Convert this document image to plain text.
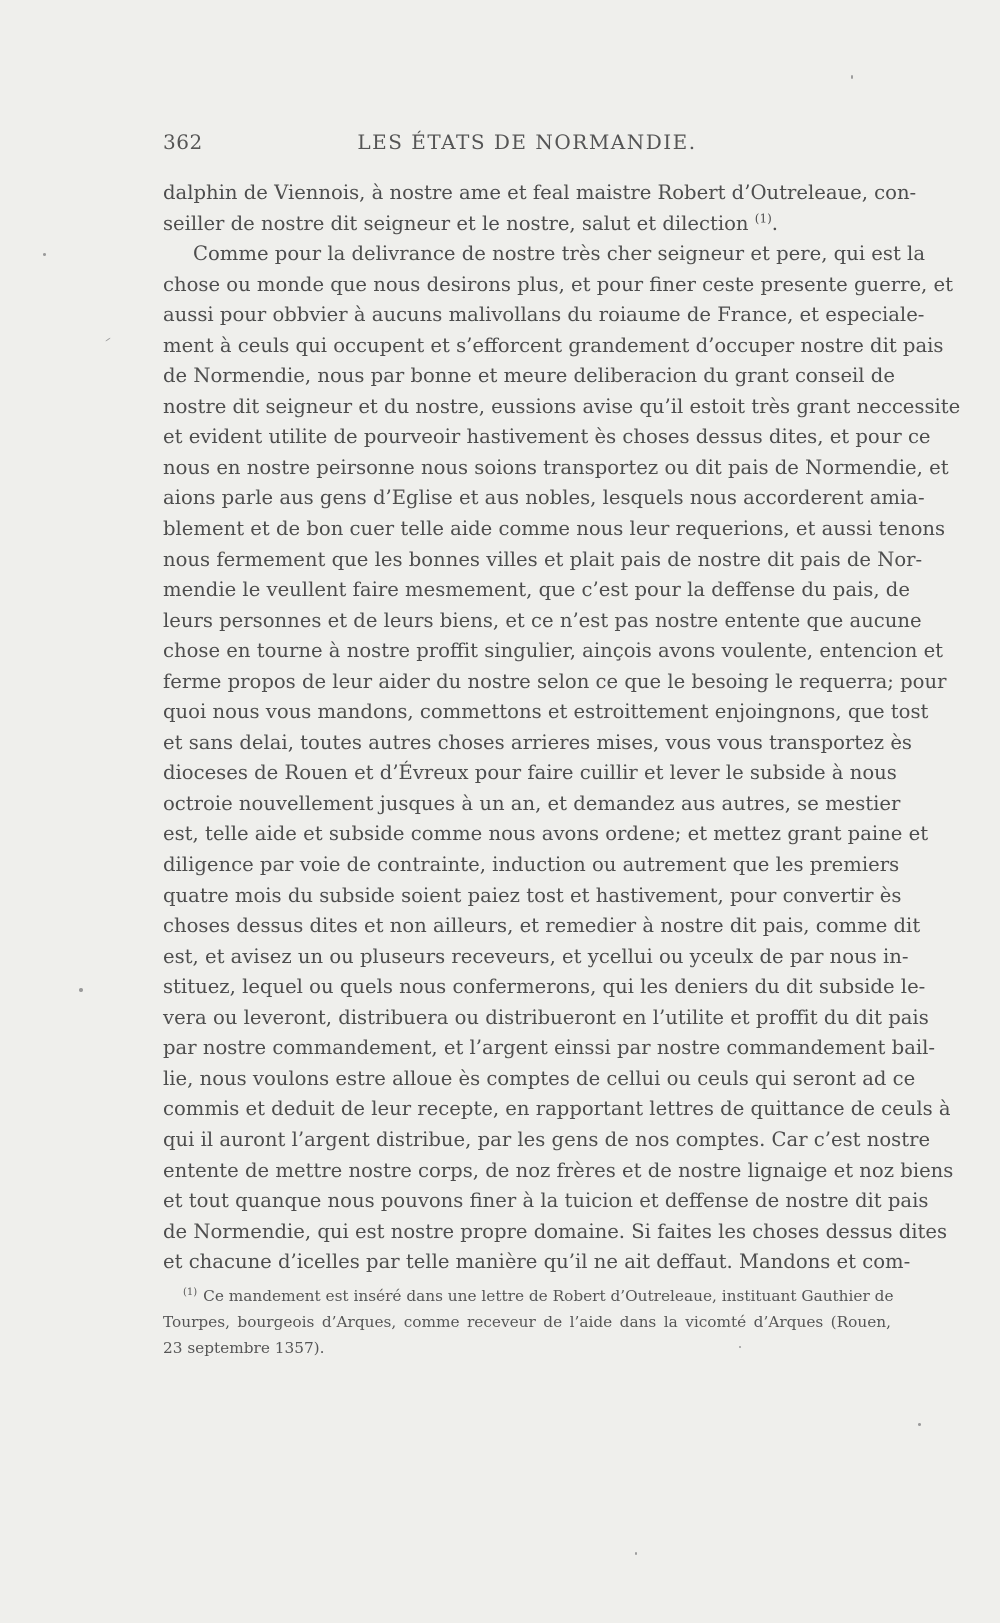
362	LES ÉTATS DE NORMANDIE.
dalphin de Viennois, à nostre ame et feal maistre Robert d’Outreleaue, con-
seiller de nostre dit seigneur et le nostre, salut et dilection $^{(1)}$.
Comme pour la delivrance de nostre très cher seigneur et pere, qui est la
chose ou monde que nous desirons plus, et pour finer ceste presente guerre, et
aussi pour obbvier à aucuns malivollans du roiaume de France, et especiale-
ment à ceuls qui occupent et s’efforcent grandement d’occuper nostre dit pais
de Normendie, nous par bonne et meure deliberacion du grant conseil de
nostre dit seigneur et du nostre, eussions avise qu’il estoit très grant neccessite
et evident utilite de pourveoir hastivement ès choses dessus dites, et pour ce
nous en nostre peirsonne nous soions transportez ou dit pais de Normendie, et
aions parle aus gens d’Eglise et aus nobles, lesquels nous accorderent amia-
blement et de bon cuer telle aide comme nous leur requerions, et aussi tenons
nous fermement que les bonnes villes et plait pais de nostre dit pais de Nor-
mendie le veullent faire mesmement, que c’est pour la deffense du pais, de
leurs personnes et de leurs biens, et ce n’est pas nostre entente que aucune
chose en tourne à nostre proffit singulier, ainçois avons voulente, entencion et
ferme propos de leur aider du nostre selon ce que le besoing le requerra; pour
quoi nous vous mandons, commettons et estroittement enjoingnons, que tost
et sans delai, toutes autres choses arrieres mises, vous vous transportez ès
dioceses de Rouen et d’Évreux pour faire cuillir et lever le subside à nous
octroie nouvellement jusques à un an, et demandez aus autres, se mestier
est, telle aide et subside comme nous avons ordene; et mettez grant paine et
diligence par voie de contrainte, induction ou autrement que les premiers
quatre mois du subside soient paiez tost et hastivement, pour convertir ès
choses dessus dites et non ailleurs, et remedier à nostre dit pais, comme dit
est, et avisez un ou pluseurs receveurs, et ycellui ou yceulx de par nous in-
stituez, lequel ou quels nous confermerons, qui les deniers du dit subside le-
vera ou leveront, distribuera ou distribueront en l’utilite et proffit du dit pais
par nostre commandement, et l’argent einssi par nostre commandement bail-
lie, nous voulons estre alloue ès comptes de cellui ou ceuls qui seront ad ce
commis et deduit de leur recepte, en rapportant lettres de quittance de ceuls à
qui il auront l’argent distribue, par les gens de nos comptes. Car c’est nostre
entente de mettre nostre corps, de noz frères et de nostre lignaige et noz biens
et tout quanque nous pouvons finer à la tuicion et deffense de nostre dit pais
de Normendie, qui est nostre propre domaine. Si faites les choses dessus dites
et chacune d’icelles par telle manière qu’il ne ait deffaut. Mandons et com-
$^{(1)}$ Ce mandement est inséré dans une lettre de Robert d’Outreleaue, instituant Gauthier de
Tourpes, bourgeois d’Arques, comme receveur de l’aide dans la vicomté d’Arques (Rouen,
23 septembre 1357).
